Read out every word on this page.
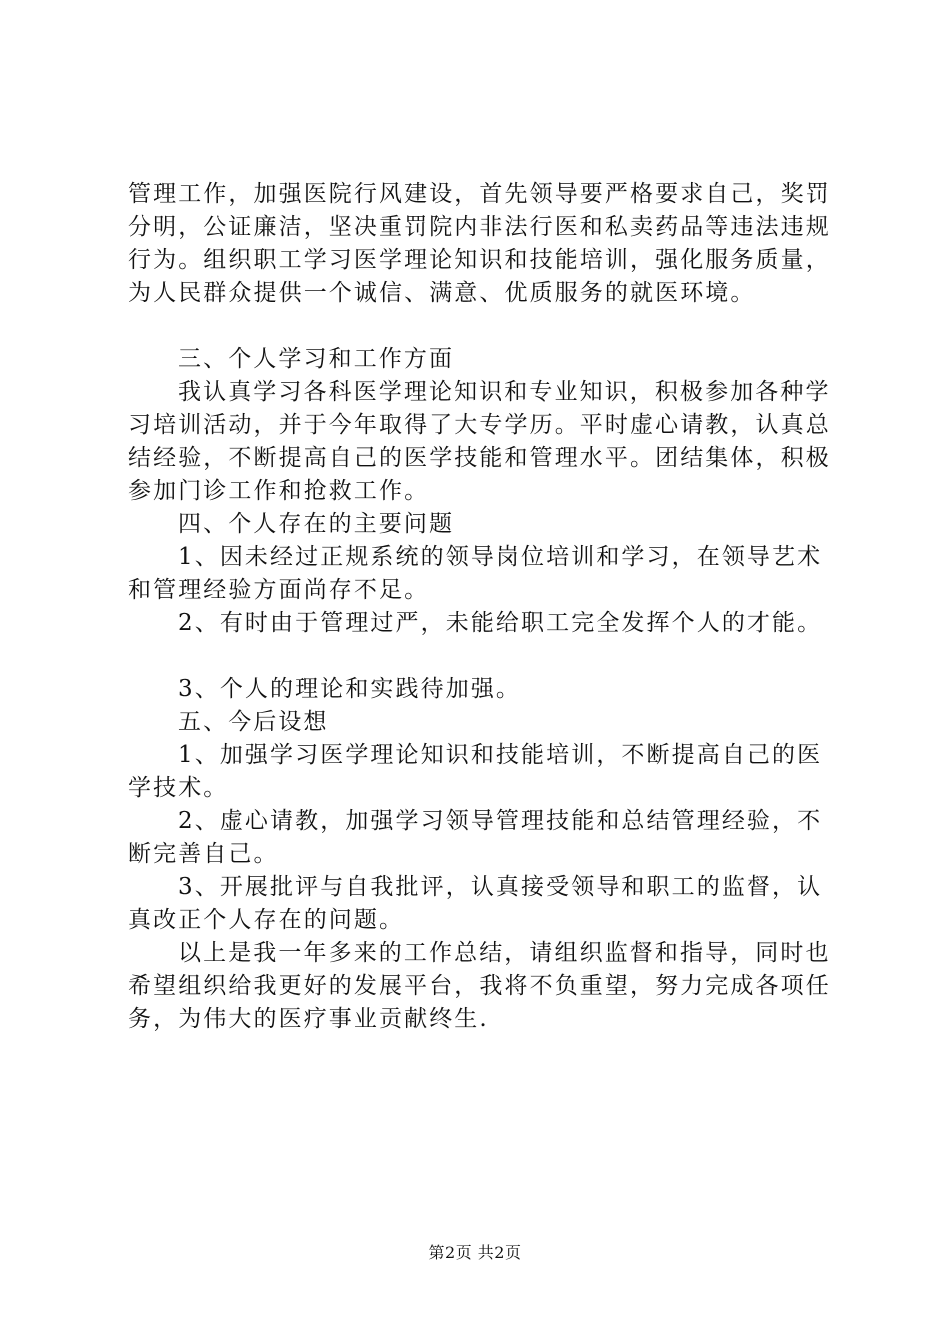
管理工作，加强医院行风建设，首先领导要严格要求自己，奖罚分明，公证廉洁，坚决重罚院内非法行医和私卖药品等违法违规行为。组织职工学习医学理论知识和技能培训，强化服务质量，为人民群众提供一个诚信、满意、优质服务的就医环境。

三、个人学习和工作方面

我认真学习各科医学理论知识和专业知识，积极参加各种学习培训活动，并于今年取得了大专学历。平时虚心请教，认真总结经验，不断提高自己的医学技能和管理水平。团结集体，积极参加门诊工作和抢救工作。

四、个人存在的主要问题

1、因未经过正规系统的领导岗位培训和学习，在领导艺术和管理经验方面尚存不足。

2、有时由于管理过严，未能给职工完全发挥个人的才能。

3、个人的理论和实践待加强。

五、今后设想

1、加强学习医学理论知识和技能培训，不断提高自己的医学技术。

2、虚心请教，加强学习领导管理技能和总结管理经验，不断完善自己。

3、开展批评与自我批评，认真接受领导和职工的监督，认真改正个人存在的问题。

以上是我一年多来的工作总结，请组织监督和指导，同时也希望组织给我更好的发展平台，我将不负重望，努力完成各项任务，为伟大的医疗事业贡献终生.

第2页 共2页
